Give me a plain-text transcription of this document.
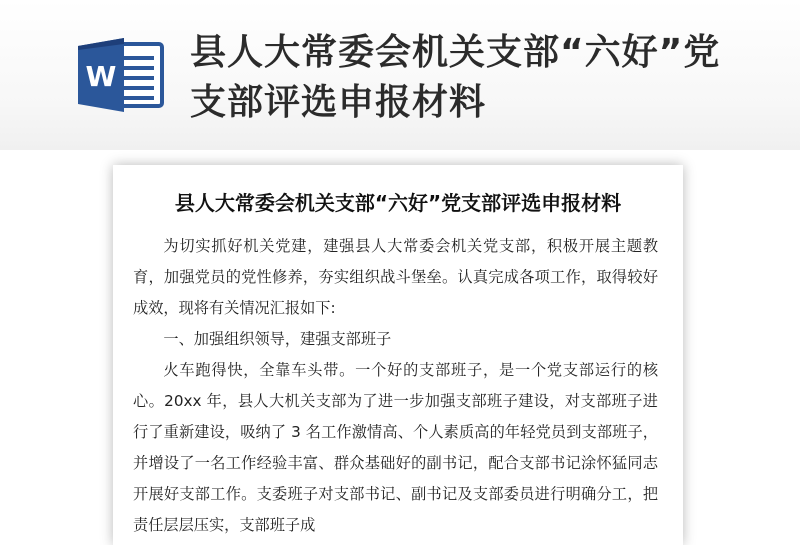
W
县人大常委会机关支部“六好”党支部评选申报材料
县人大常委会机关支部“六好”党支部评选申报材料

为切实抓好机关党建，建强县人大常委会机关党支部，积极开展主题教育，加强党员的党性修养，夯实组织战斗堡垒。认真完成各项工作，取得较好成效，现将有关情况汇报如下:

一、加强组织领导，建强支部班子

火车跑得快，全靠车头带。一个好的支部班子，是一个党支部运行的核心。20xx 年，县人大机关支部为了进一步加强支部班子建设，对支部班子进行了重新建设，吸纳了 3 名工作激情高、个人素质高的年轻党员到支部班子，并增设了一名工作经验丰富、群众基础好的副书记，配合支部书记涂怀猛同志开展好支部工作。支委班子对支部书记、副书记及支部委员进行明确分工，把责任层层压实，支部班子成
